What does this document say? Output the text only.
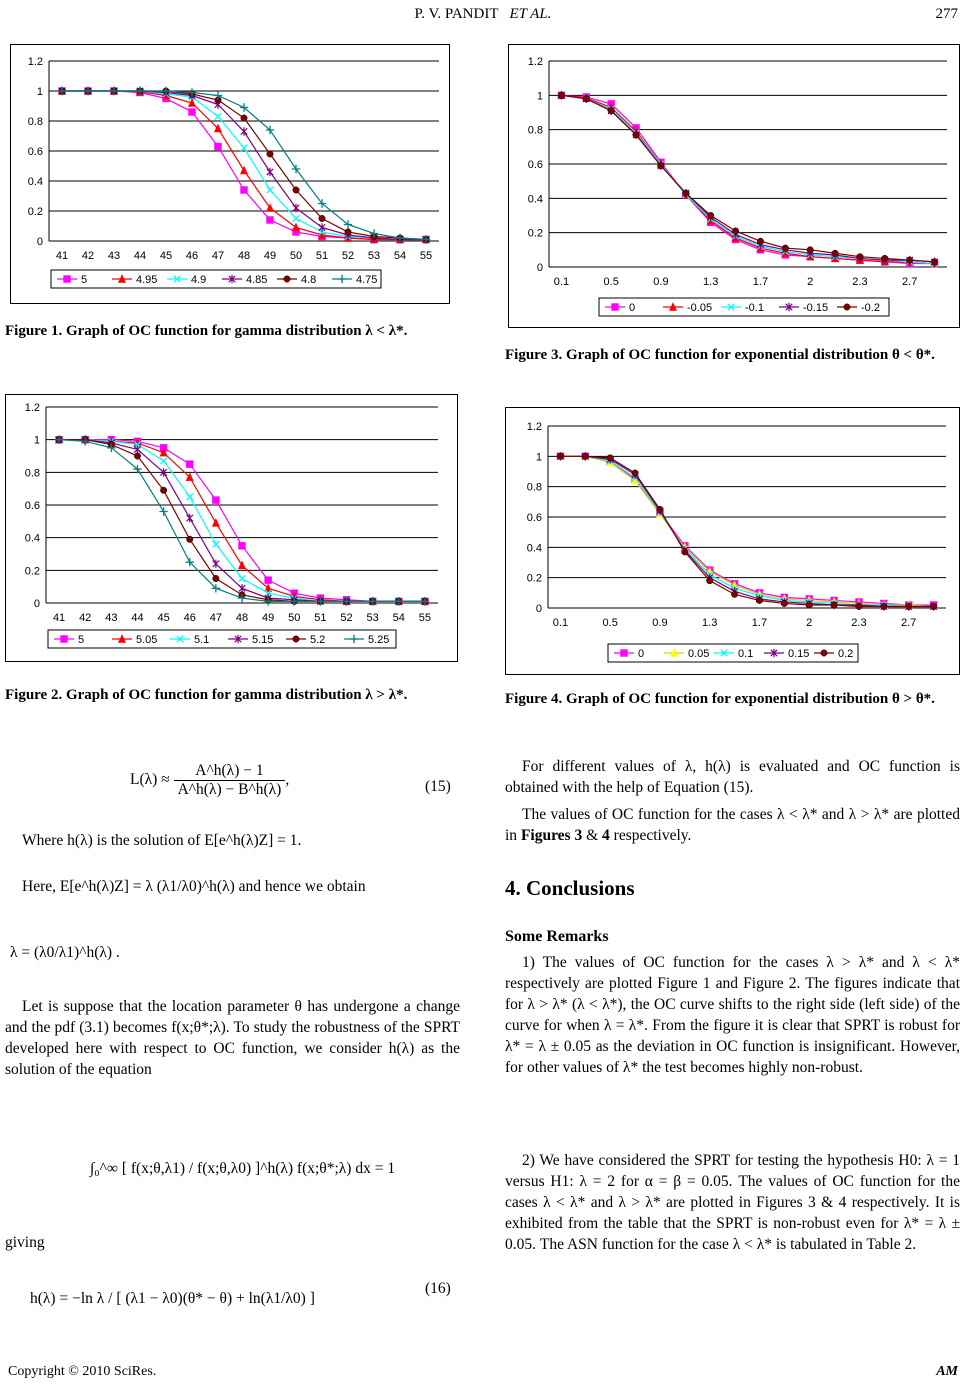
P. V. PANDIT ET AL.	277
0
0.2
0.4
0.6
0.8
1
1.2
41 42 43 44 45 46 47 48 49 50 51 52 53 54 55
5	4.95	4.9	4.85	4.8	4.75
0
0.2
0.4
0.6
0.8
1
1.2
41 42 43 44 45 46 47 48 49 50 51 52 53 54 55
5	5.05	5.1	5.15	5.2	5.25
0
0.2
0.4
0.6
0.8
1
1.2
0.1	0.5	0.9	1.3	1.7	2	2.3	2.7
0	-0.05	-0.1	-0.15	-0.2
0
0.2
0.4
0.6
0.8
1
1.2
0.1	0.5	0.9	1.3	1.7	2	2.3	2.7
0	0.05	0.1	0.15	0.2
Figure 1. Graph of OC function for gamma distribution λ < λ*.
Figure 2. Graph of OC function for gamma distribution λ > λ*.
Figure 3. Graph of OC function for exponential distribution θ < θ*.
Figure 4. Graph of OC function for exponential distribution θ > θ*.
$L(\lambda) \approx \frac{A\^{}h(\lambda) - 1}{A\^{}h(\lambda) - B\^{}h(\lambda)}$ ,	(15)
Where h(λ) is the solution of E[e^h(λ)Z] = 1.
Here, E[e^h(λ)Z] = λ (λ1/λ0)^h(λ) and hence we obtain
λ = (λ0/λ1)^h(λ) .
Let is suppose that the location parameter θ has undergone a change and the pdf (3.1) becomes f(x;θ*;λ). To study the robustness of the SPRT developed here with respect to OC function, we consider h(λ) as the solution of the equation
∫₀^∞ [ f(x;θ,λ1) / f(x;θ,λ0) ]^h(λ) f(x;θ*;λ) dx = 1
giving
h(λ) = −ln λ / [ (λ1 − λ0)(θ* − θ) + ln(λ1/λ0) ]
(16)
For different values of λ, h(λ) is evaluated and OC function is obtained with the help of Equation (15).
The values of OC function for the cases λ < λ* and λ > λ* are plotted in Figures 3 & 4 respectively.
4. Conclusions
Some Remarks
1) The values of OC function for the cases λ > λ* and λ < λ* respectively are plotted Figure 1 and Figure 2. The figures indicate that for λ > λ* (λ < λ*), the OC curve shifts to the right side (left side) of the curve for when λ = λ*. From the figure it is clear that SPRT is robust for λ* = λ ± 0.05 as the deviation in OC function is insignificant. However, for other values of λ* the test becomes highly non-robust.
2) We have considered the SPRT for testing the hypothesis H0: λ = 1 versus H1: λ = 2 for α = β = 0.05. The values of OC function for the cases λ < λ* and λ > λ* are plotted in Figures 3 & 4 respectively. It is exhibited from the table that the SPRT is non-robust even for λ* = λ ± 0.05. The ASN function for the case λ < λ* is tabulated in Table 2.
Copyright © 2010 SciRes.	AM
